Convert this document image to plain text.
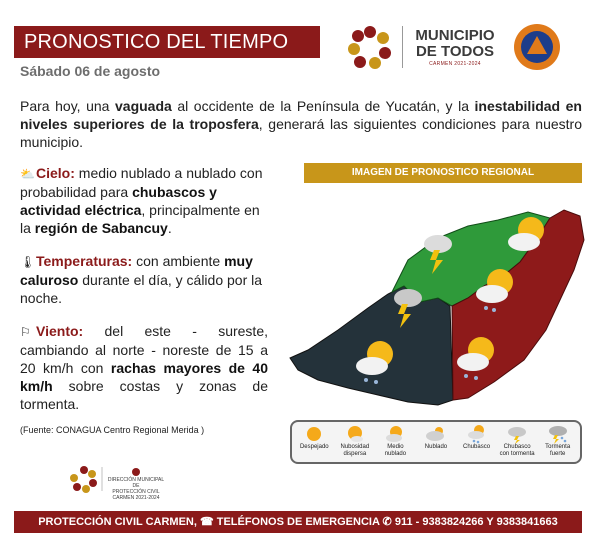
PRONOSTICO DEL TIEMPO
Sábado 06 de agosto
MUNICIPIO
DE TODOS
CARMEN 2021-2024
Para hoy, una vaguada al occidente de la Península de Yucatán, y la inestabilidad en niveles superiores de la troposfera, generará las siguientes condiciones para nuestro municipio.
⛅Cielo: medio nublado a nublado con probabilidad para chubascos y actividad eléctrica, principalmente en la región de Sabancuy.
🌡Temperaturas: con ambiente muy caluroso durante el día, y cálido por la noche.
⚐ Viento: del este - sureste, cambiando al norte - noreste de 15 a 20 km/h con rachas mayores de 40 km/h sobre costas y zonas de tormenta.
(Fuente: CONAGUA Centro Regional Merida )
IMAGEN DE PRONOSTICO REGIONAL
Despejado	Nubosidad dispersa
Medio nublado
Nublado	Chubasco	Chubasco con tormenta
Tormenta fuerte
DIRECCIÓN MUNICIPAL DE
PROTECCIÓN CIVIL
CARMEN 2021-2024
PROTECCIÓN CIVIL CARMEN, ☎ TELÉFONOS DE EMERGENCIA ✆ 911 - 9383824266 Y 9383841663
